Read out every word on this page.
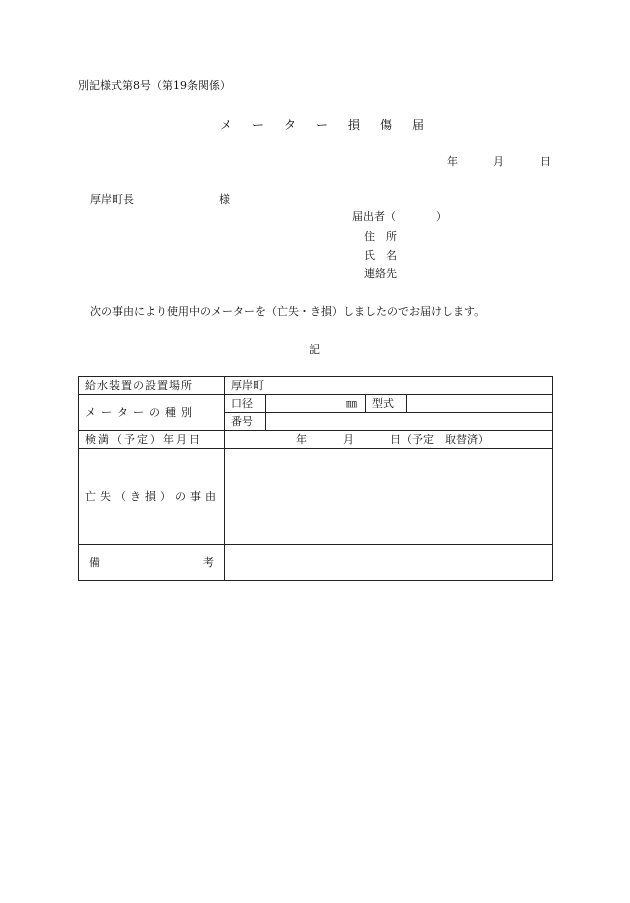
別記様式第8号（第19条関係）
メ　ー　タ　ー　損　傷　届
年	月	日
厚岸町長	様
届出者（	）
住　所
氏　名
連絡先
次の事由により使用中のメーターを（亡失・き損）しましたのでお届けします。
記
給水装置の設置場所	厚岸町			
メーターの種別	口径	㎜	型式	
	番号			
検満（予定）年月日	年 月 日（予定　取替済）			

亡失（き損）の事由				

備 考				
